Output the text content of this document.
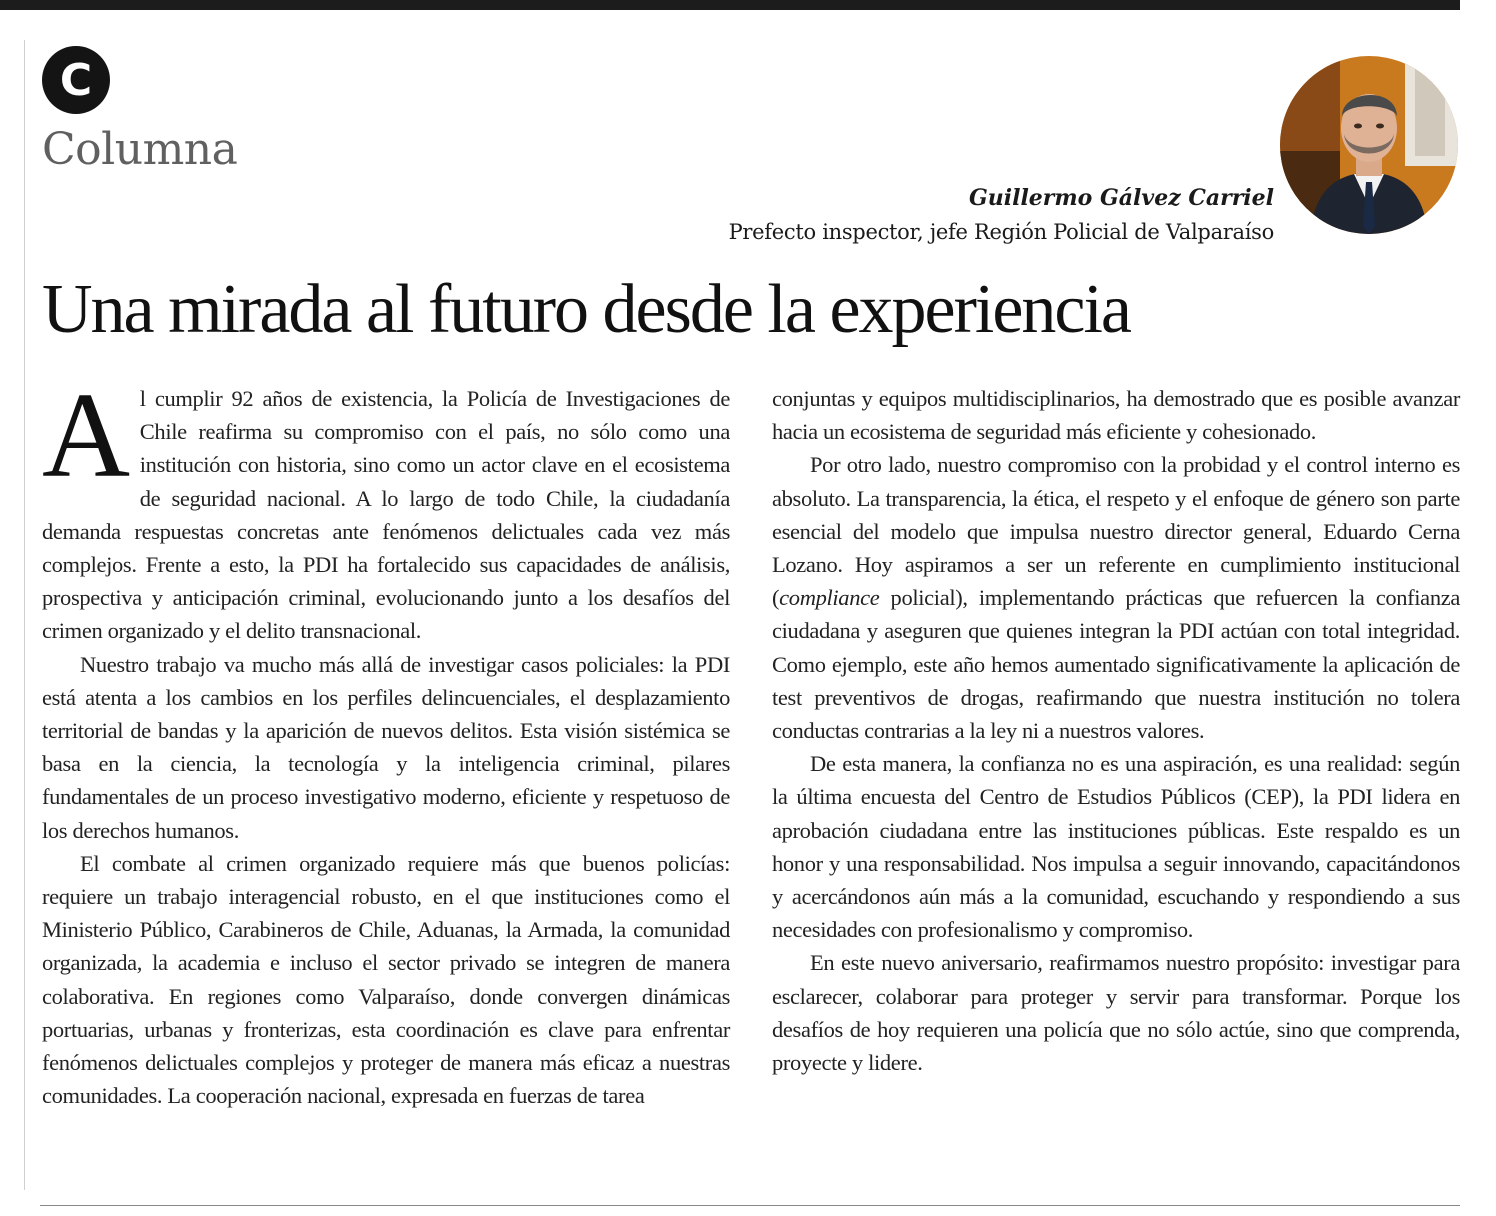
C
Columna
Guillermo Gálvez Carriel
Prefecto inspector, jefe Región Policial de Valparaíso
Una mirada al futuro desde la experiencia

Al cumplir 92 años de existencia, la Policía de Investigaciones de Chile reafirma su compromiso con el país, no sólo como una institución con historia, sino como un actor clave en el ecosistema de seguridad nacional. A lo largo de todo Chile, la ciudadanía demanda respuestas concretas ante fenómenos delictuales cada vez más complejos. Frente a esto, la PDI ha fortalecido sus capacidades de análisis, prospectiva y anticipación criminal, evolucionando junto a los desafíos del crimen organizado y el delito transnacional.

Nuestro trabajo va mucho más allá de investigar casos policiales: la PDI está atenta a los cambios en los perfiles delincuenciales, el desplazamiento territorial de bandas y la aparición de nuevos delitos. Esta visión sistémica se basa en la ciencia, la tecnología y la inteligencia criminal, pilares fundamentales de un proceso investigativo moderno, eficiente y respetuoso de los derechos humanos.

El combate al crimen organizado requiere más que buenos policías: requiere un trabajo interagencial robusto, en el que instituciones como el Ministerio Público, Carabineros de Chile, Aduanas, la Armada, la comunidad organizada, la academia e incluso el sector privado se integren de manera colaborativa. En regiones como Valparaíso, donde convergen dinámicas portuarias, urbanas y fronterizas, esta coordinación es clave para enfrentar fenómenos delictuales complejos y proteger de manera más eficaz a nuestras comunidades. La cooperación nacional, expresada en fuerzas de tarea

conjuntas y equipos multidisciplinarios, ha demostrado que es posible avanzar hacia un ecosistema de seguridad más eficiente y cohesionado.

Por otro lado, nuestro compromiso con la probidad y el control interno es absoluto. La transparencia, la ética, el respeto y el enfoque de género son parte esencial del modelo que impulsa nuestro director general, Eduardo Cerna Lozano. Hoy aspiramos a ser un referente en cumplimiento institucional (compliance policial), implementando prácticas que refuercen la confianza ciudadana y aseguren que quienes integran la PDI actúan con total integridad. Como ejemplo, este año hemos aumentado significativamente la aplicación de test preventivos de drogas, reafirmando que nuestra institución no tolera conductas contrarias a la ley ni a nuestros valores.

De esta manera, la confianza no es una aspiración, es una realidad: según la última encuesta del Centro de Estudios Públicos (CEP), la PDI lidera en aprobación ciudadana entre las instituciones públicas. Este respaldo es un honor y una responsabilidad. Nos impulsa a seguir innovando, capacitándonos y acercándonos aún más a la comunidad, escuchando y respondiendo a sus necesidades con profesionalismo y compromiso.

En este nuevo aniversario, reafirmamos nuestro propósito: investigar para esclarecer, colaborar para proteger y servir para transformar. Porque los desafíos de hoy requieren una policía que no sólo actúe, sino que comprenda, proyecte y lidere.
